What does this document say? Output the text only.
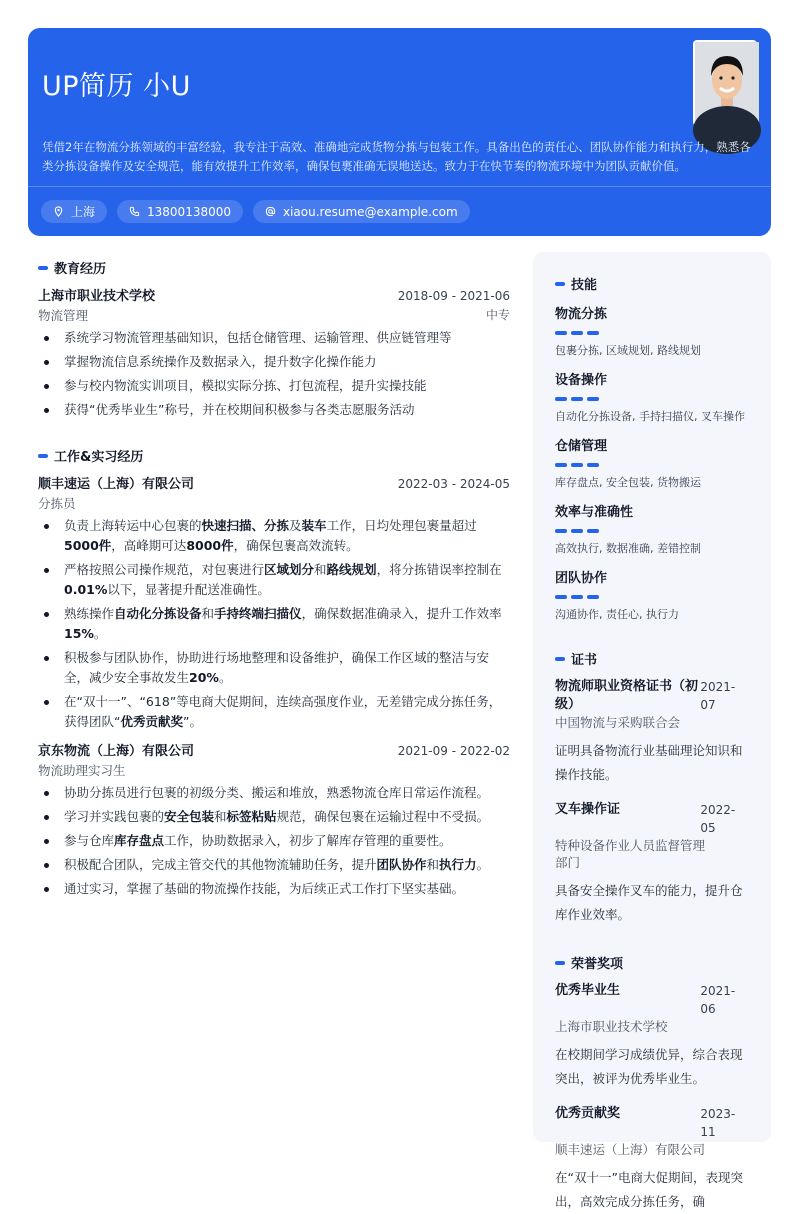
UP简历 小U
凭借2年在物流分拣领域的丰富经验，我专注于高效、准确地完成货物分拣与包装工作。具备出色的责任心、团队协作能力和执行力，熟悉各类分拣设备操作及安全规范，能有效提升工作效率，确保包裹准确无误地送达。致力于在快节奏的物流环境中为团队贡献价值。
上海	13800138000	xiaou.resume@example.com
教育经历
上海市职业技术学校	2018-09 - 2021-06
物流管理	中专
系统学习物流管理基础知识，包括仓储管理、运输管理、供应链管理等
掌握物流信息系统操作及数据录入，提升数字化操作能力
参与校内物流实训项目，模拟实际分拣、打包流程，提升实操技能
获得“优秀毕业生”称号，并在校期间积极参与各类志愿服务活动
工作&实习经历
顺丰速运（上海）有限公司	2022-03 - 2024-05
分拣员
负责上海转运中心包裹的快速扫描、分拣及装车工作，日均处理包裹量超过5000件，高峰期可达8000件，确保包裹高效流转。
严格按照公司操作规范，对包裹进行区域划分和路线规划，将分拣错误率控制在0.01%以下，显著提升配送准确性。
熟练操作自动化分拣设备和手持终端扫描仪，确保数据准确录入，提升工作效率15%。
积极参与团队协作，协助进行场地整理和设备维护，确保工作区域的整洁与安全，减少安全事故发生20%。
在“双十一”、“618”等电商大促期间，连续高强度作业，无差错完成分拣任务，获得团队“优秀贡献奖”。
京东物流（上海）有限公司	2021-09 - 2022-02
物流助理实习生
协助分拣员进行包裹的初级分类、搬运和堆放，熟悉物流仓库日常运作流程。
学习并实践包裹的安全包装和标签粘贴规范，确保包裹在运输过程中不受损。
参与仓库库存盘点工作，协助数据录入，初步了解库存管理的重要性。
积极配合团队，完成主管交代的其他物流辅助任务，提升团队协作和执行力。
通过实习，掌握了基础的物流操作技能，为后续正式工作打下坚实基础。
技能
物流分拣
包裹分拣, 区域规划, 路线规划
设备操作
自动化分拣设备, 手持扫描仪, 叉车操作
仓储管理
库存盘点, 安全包装, 货物搬运
效率与准确性
高效执行, 数据准确, 差错控制
团队协作
沟通协作, 责任心, 执行力
证书
物流师职业资格证书（初级）
2021-07
中国物流与采购联合会
证明具备物流行业基础理论知识和操作技能。
叉车操作证	2022-05
特种设备作业人员监督管理部门
具备安全操作叉车的能力，提升仓库作业效率。
荣誉奖项
优秀毕业生	2021-06
上海市职业技术学校
在校期间学习成绩优异，综合表现突出，被评为优秀毕业生。
优秀贡献奖	2023-11
顺丰速运（上海）有限公司
在“双十一”电商大促期间，表现突出，高效完成分拣任务，确
